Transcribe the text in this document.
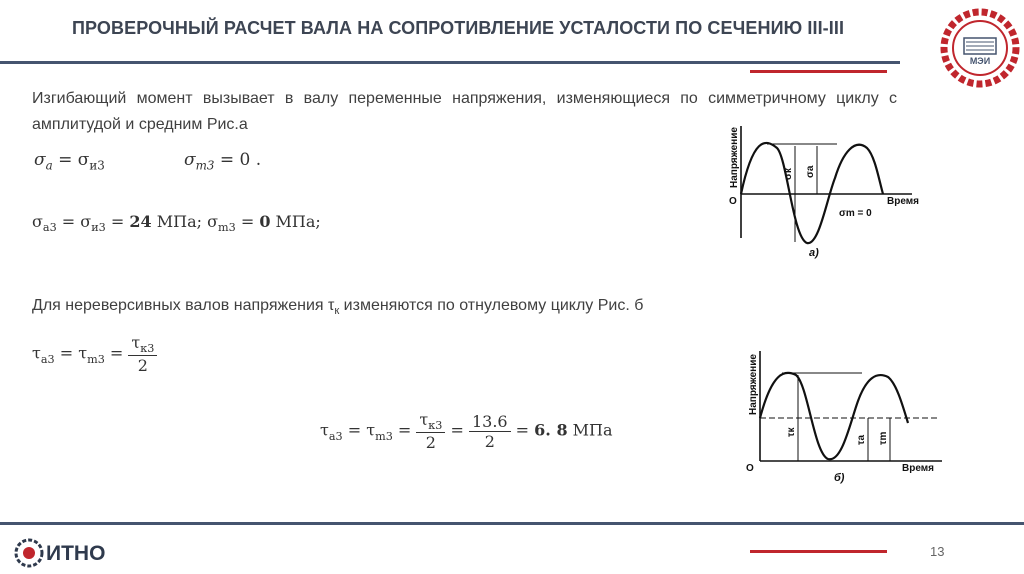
ПРОВЕРОЧНЫЙ РАСЧЕТ ВАЛА НА СОПРОТИВЛЕНИЕ УСТАЛОСТИ ПО СЕЧЕНИЮ III-III
МЭИ
Изгибающий момент вызывает в валу переменные напряжения, изменяющиеся по симметричному циклу с амплитудой и средним Рис.а
$\sigma_a = \sigma_{и3}$	$\sigma_{m3} = 0$ .
$\sigma_{a3} = \sigma_{и3} = 24$ МПа; $\sigma_{m3} = 0$ МПа;
Для нереверсивных валов напряжения $\tau_к$ изменяются по отнулевому циклу Рис. б
$\tau_{a3} = \tau_{m3} = \frac{\tau_{к3}}{2}$
$\tau_{a3} = \tau_{m3} = \frac{\tau_{к3}}{2} = \frac{13.6}{2} = 6$. 8 МПа
Напряжение
О	Время
σк σа
σm = 0
а)
Напряжение
О	Время
τк
τа τm
б)
13
ИТНО
